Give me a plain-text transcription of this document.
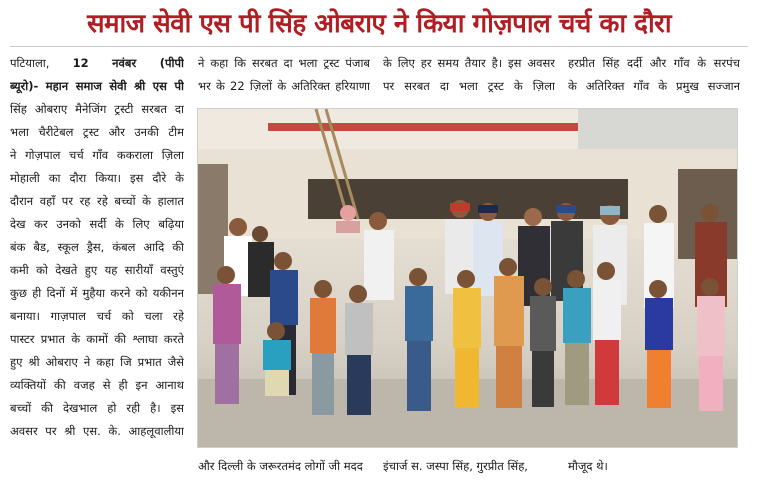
समाज सेवी एस पी सिंह ओबराए ने किया गोज़पाल चर्च का दौरा
पटियाला, 12 नवंबर (पीपी
ब्यूरो)- महान समाज सेवी श्री एस पी
सिंह ओबराए मैनेजिंग ट्रस्टी सरबत दा
भला चैरीटेबल ट्रस्ट और उनकी टीम
ने गोज़पाल चर्च गाँव ककराला ज़िला
मोहाली का दौरा किया। इस दौरे के
दौरान वहाँ पर रह रहे बच्चों के हालात
देख कर उनको सर्दी के लिए बढ़िया
बंक बैड, स्कूल ड्रैस, कंबल आदि की
कमी को देखते हुए यह सारीयाँ वस्तुएं
कुछ ही दिनों में मुहैया करने को यकीनन
बनाया। गाज़पाल चर्च को चला रहे
पास्टर प्रभात के कामों की श्लाघा करते
हुए श्री ओबराए ने कहा जि प्रभात जैसे
व्यक्तियों की वजह से ही इन आनाथ
बच्चों की देखभाल हो रही है। इस
अवसर पर श्री एस. के. आहलूवालीया
ने कहा कि सरबत दा भला ट्रस्ट पंजाब
भर के 22 ज़िलों के अतिरिक्त हरियाणा
के लिए हर समय तैयार है। इस अवसर
पर सरबत दा भला ट्रस्ट के ज़िला
हरप्रीत सिंह दर्दी और गाँव के सरपंच
के अतिरिक्त गाँव के प्रमुख सज्जान
और दिल्ली के जरूरतमंद लोगों जी मदद इंचार्ज स. जस्पा सिंह, गुरप्रीत सिंह,	मौजूद थे।
